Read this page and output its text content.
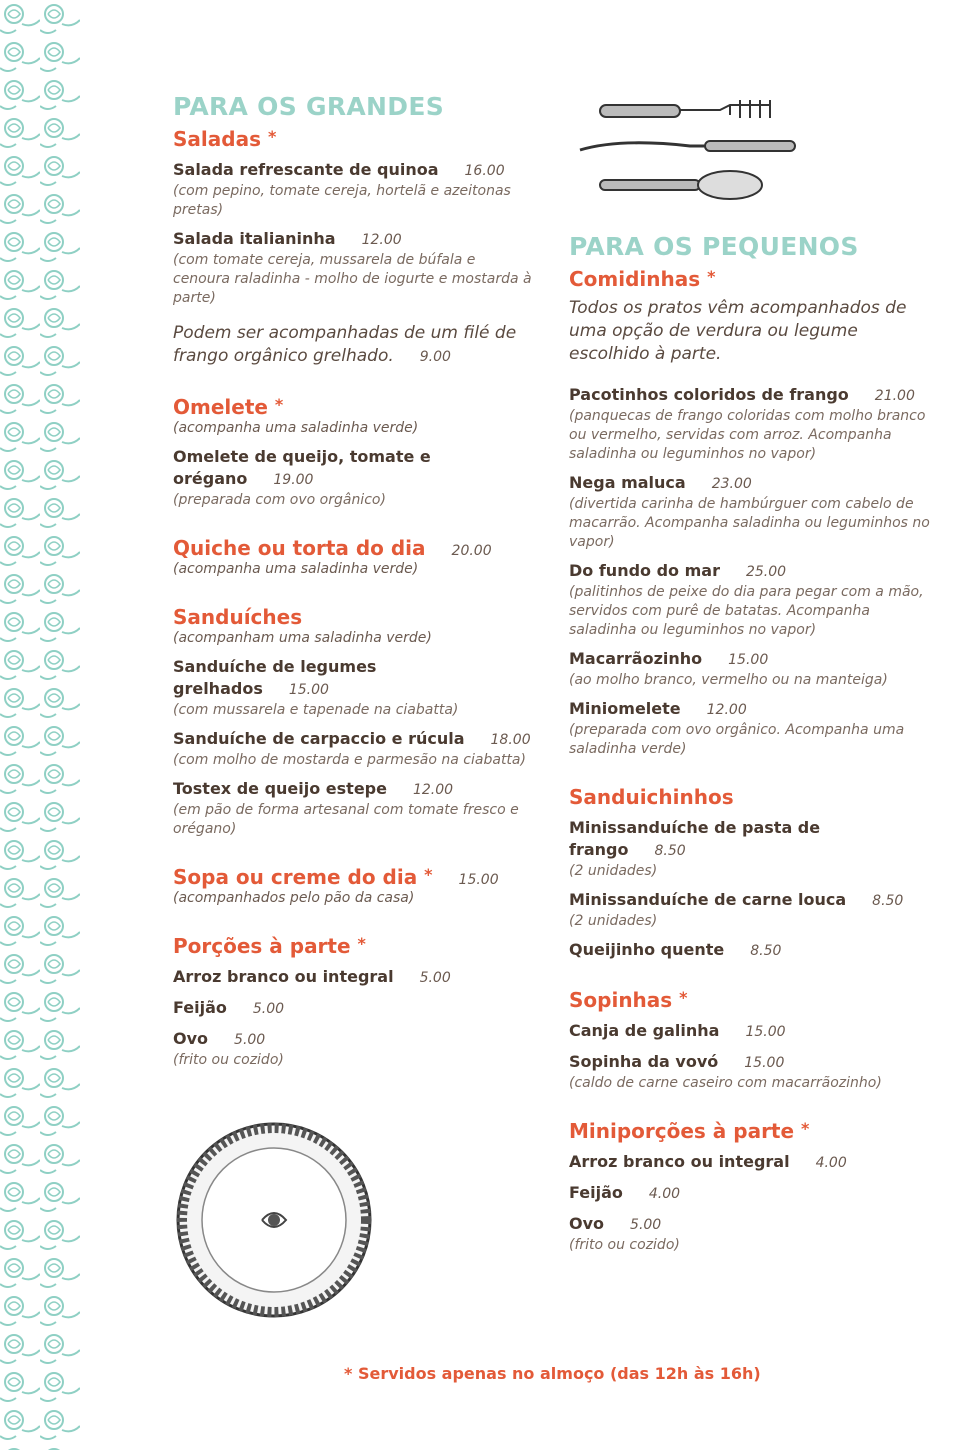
PARA OS GRANDES
Saladas *
Salada refrescante de quinoa 16.00
(com pepino, tomate cereja, hortelã e azeitonas pretas)
Salada italianinha 12.00
(com tomate cereja, mussarela de búfala e cenoura raladinha - molho de iogurte e mostarda à parte)
Podem ser acompanhadas de um filé de frango orgânico grelhado. 9.00
Omelete *
(acompanha uma saladinha verde)
Omelete de queijo, tomate e orégano 19.00
(preparada com ovo orgânico)
Quiche ou torta do dia 20.00
(acompanha uma saladinha verde)
Sanduíches
(acompanham uma saladinha verde)
Sanduíche de legumes grelhados 15.00
(com mussarela e tapenade na ciabatta)
Sanduíche de carpaccio e rúcula 18.00
(com molho de mostarda e parmesão na ciabatta)
Tostex de queijo estepe 12.00
(em pão de forma artesanal com tomate fresco e orégano)
Sopa ou creme do dia * 15.00
(acompanhados pelo pão da casa)
Porções à parte *
Arroz branco ou integral 5.00
Feijão 5.00
Ovo 5.00
(frito ou cozido)
PARA OS PEQUENOS
Comidinhas *
Todos os pratos vêm acompanhados de uma opção de verdura ou legume escolhido à parte.
Pacotinhos coloridos de frango 21.00
(panquecas de frango coloridas com molho branco ou vermelho, servidas com arroz. Acompanha saladinha ou leguminhos no vapor)
Nega maluca 23.00
(divertida carinha de hambúrguer com cabelo de macarrão. Acompanha saladinha ou leguminhos no vapor)
Do fundo do mar 25.00
(palitinhos de peixe do dia para pegar com a mão, servidos com purê de batatas. Acompanha saladinha ou leguminhos no vapor)
Macarrãozinho 15.00
(ao molho branco, vermelho ou na manteiga)
Miniomelete 12.00
(preparada com ovo orgânico. Acompanha uma saladinha verde)
Sanduichinhos
Minissanduíche de pasta de frango 8.50
(2 unidades)
Minissanduíche de carne louca 8.50
(2 unidades)
Queijinho quente 8.50
Sopinhas *
Canja de galinha 15.00
Sopinha da vovó 15.00
(caldo de carne caseiro com macarrãozinho)
Miniporções à parte *
Arroz branco ou integral 4.00
Feijão 4.00
Ovo 5.00
(frito ou cozido)
* Servidos apenas no almoço (das 12h às 16h)
